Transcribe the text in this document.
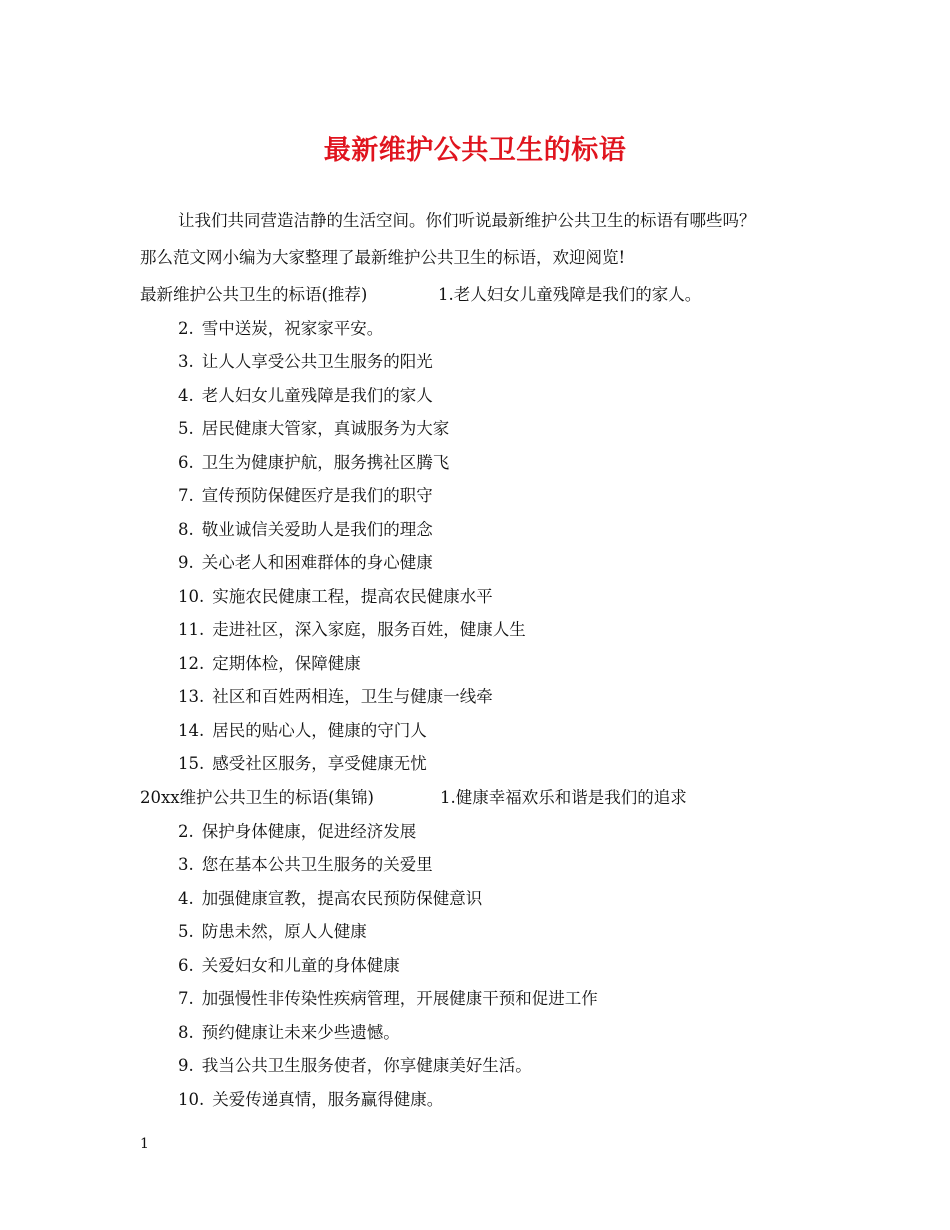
最新维护公共卫生的标语
让我们共同营造洁静的生活空间。你们听说最新维护公共卫生的标语有哪些吗？
那么范文网小编为大家整理了最新维护公共卫生的标语，欢迎阅览!
最新维护公共卫生的标语(推荐)	1.老人妇女儿童残障是我们的家人。
2. 雪中送炭，祝家家平安。
3. 让人人享受公共卫生服务的阳光
4. 老人妇女儿童残障是我们的家人
5. 居民健康大管家，真诚服务为大家
6. 卫生为健康护航，服务携社区腾飞
7. 宣传预防保健医疗是我们的职守
8. 敬业诚信关爱助人是我们的理念
9. 关心老人和困难群体的身心健康
10. 实施农民健康工程，提高农民健康水平
11. 走进社区，深入家庭，服务百姓，健康人生
12. 定期体检，保障健康
13. 社区和百姓两相连，卫生与健康一线牵
14. 居民的贴心人，健康的守门人
15. 感受社区服务，享受健康无忧
20xx维护公共卫生的标语(集锦)	1.健康幸福欢乐和谐是我们的追求
2. 保护身体健康，促进经济发展
3. 您在基本公共卫生服务的关爱里
4. 加强健康宣教，提高农民预防保健意识
5. 防患未然，原人人健康
6. 关爱妇女和儿童的身体健康
7. 加强慢性非传染性疾病管理，开展健康干预和促进工作
8. 预约健康让未来少些遗憾。
9. 我当公共卫生服务使者，你享健康美好生活。
10. 关爱传递真情，服务赢得健康。
1
